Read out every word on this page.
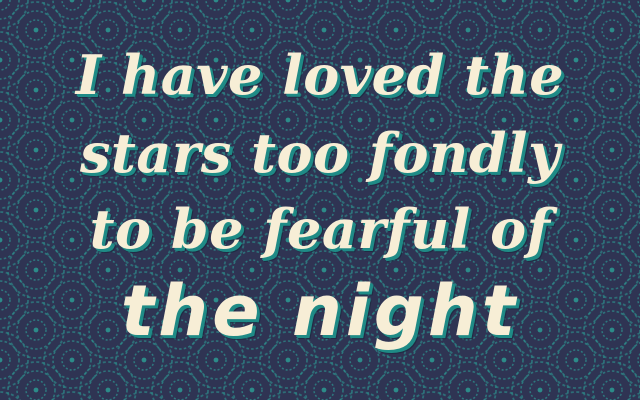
I have loved the
stars too fondly
to be fearful of
the night
